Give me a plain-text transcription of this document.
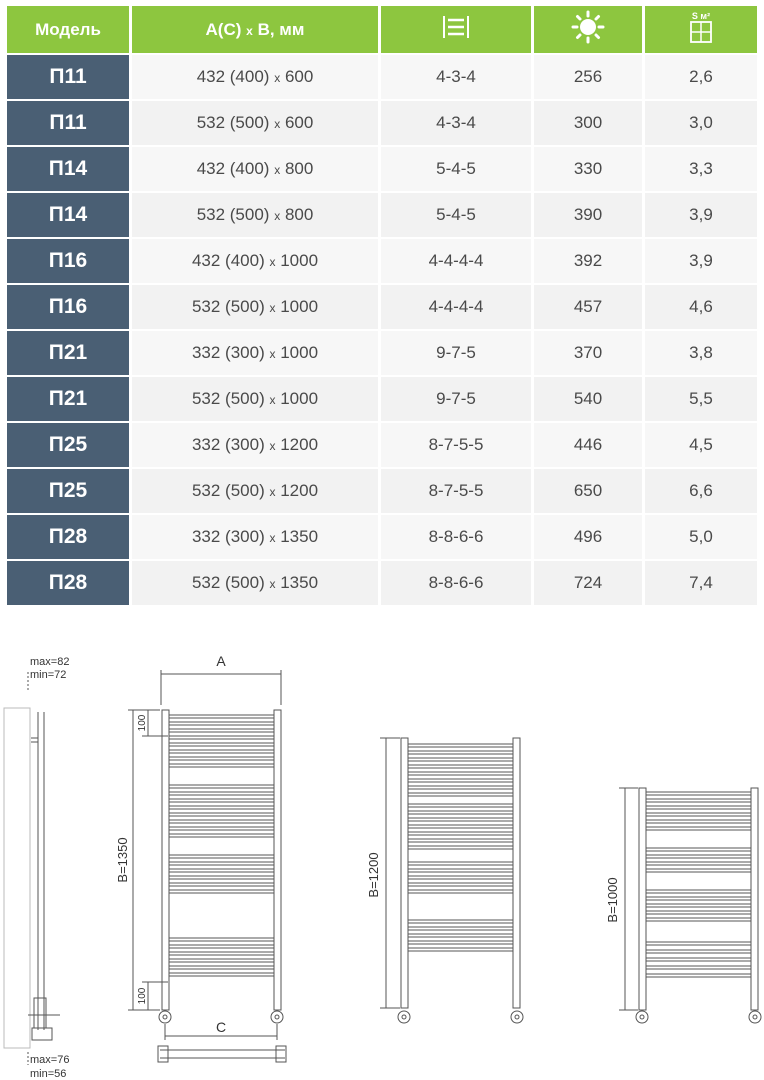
Модель	A(C) x B, мм			S м²

П11	432 (400) x 600	4-3-4	256	2,6
П11	532 (500) x 600	4-3-4	300	3,0
П14	432 (400) x 800	5-4-5	330	3,3
П14	532 (500) x 800	5-4-5	390	3,9
П16	432 (400) x 1000	4-4-4-4	392	3,9
П16	532 (500) x 1000	4-4-4-4	457	4,6
П21	332 (300) x 1000	9-7-5	370	3,8
П21	532 (500) x 1000	9-7-5	540	5,5
П25	332 (300) x 1200	8-7-5-5	446	4,5
П25	532 (500) x 1200	8-7-5-5	650	6,6
П28	332 (300) x 1350	8-8-6-6	496	5,0
П28	532 (500) x 1350	8-8-6-6	724	7,4
max=82
min=72
max=76
min=56
A
C
B=1350
100
100
B=1200
B=1000
